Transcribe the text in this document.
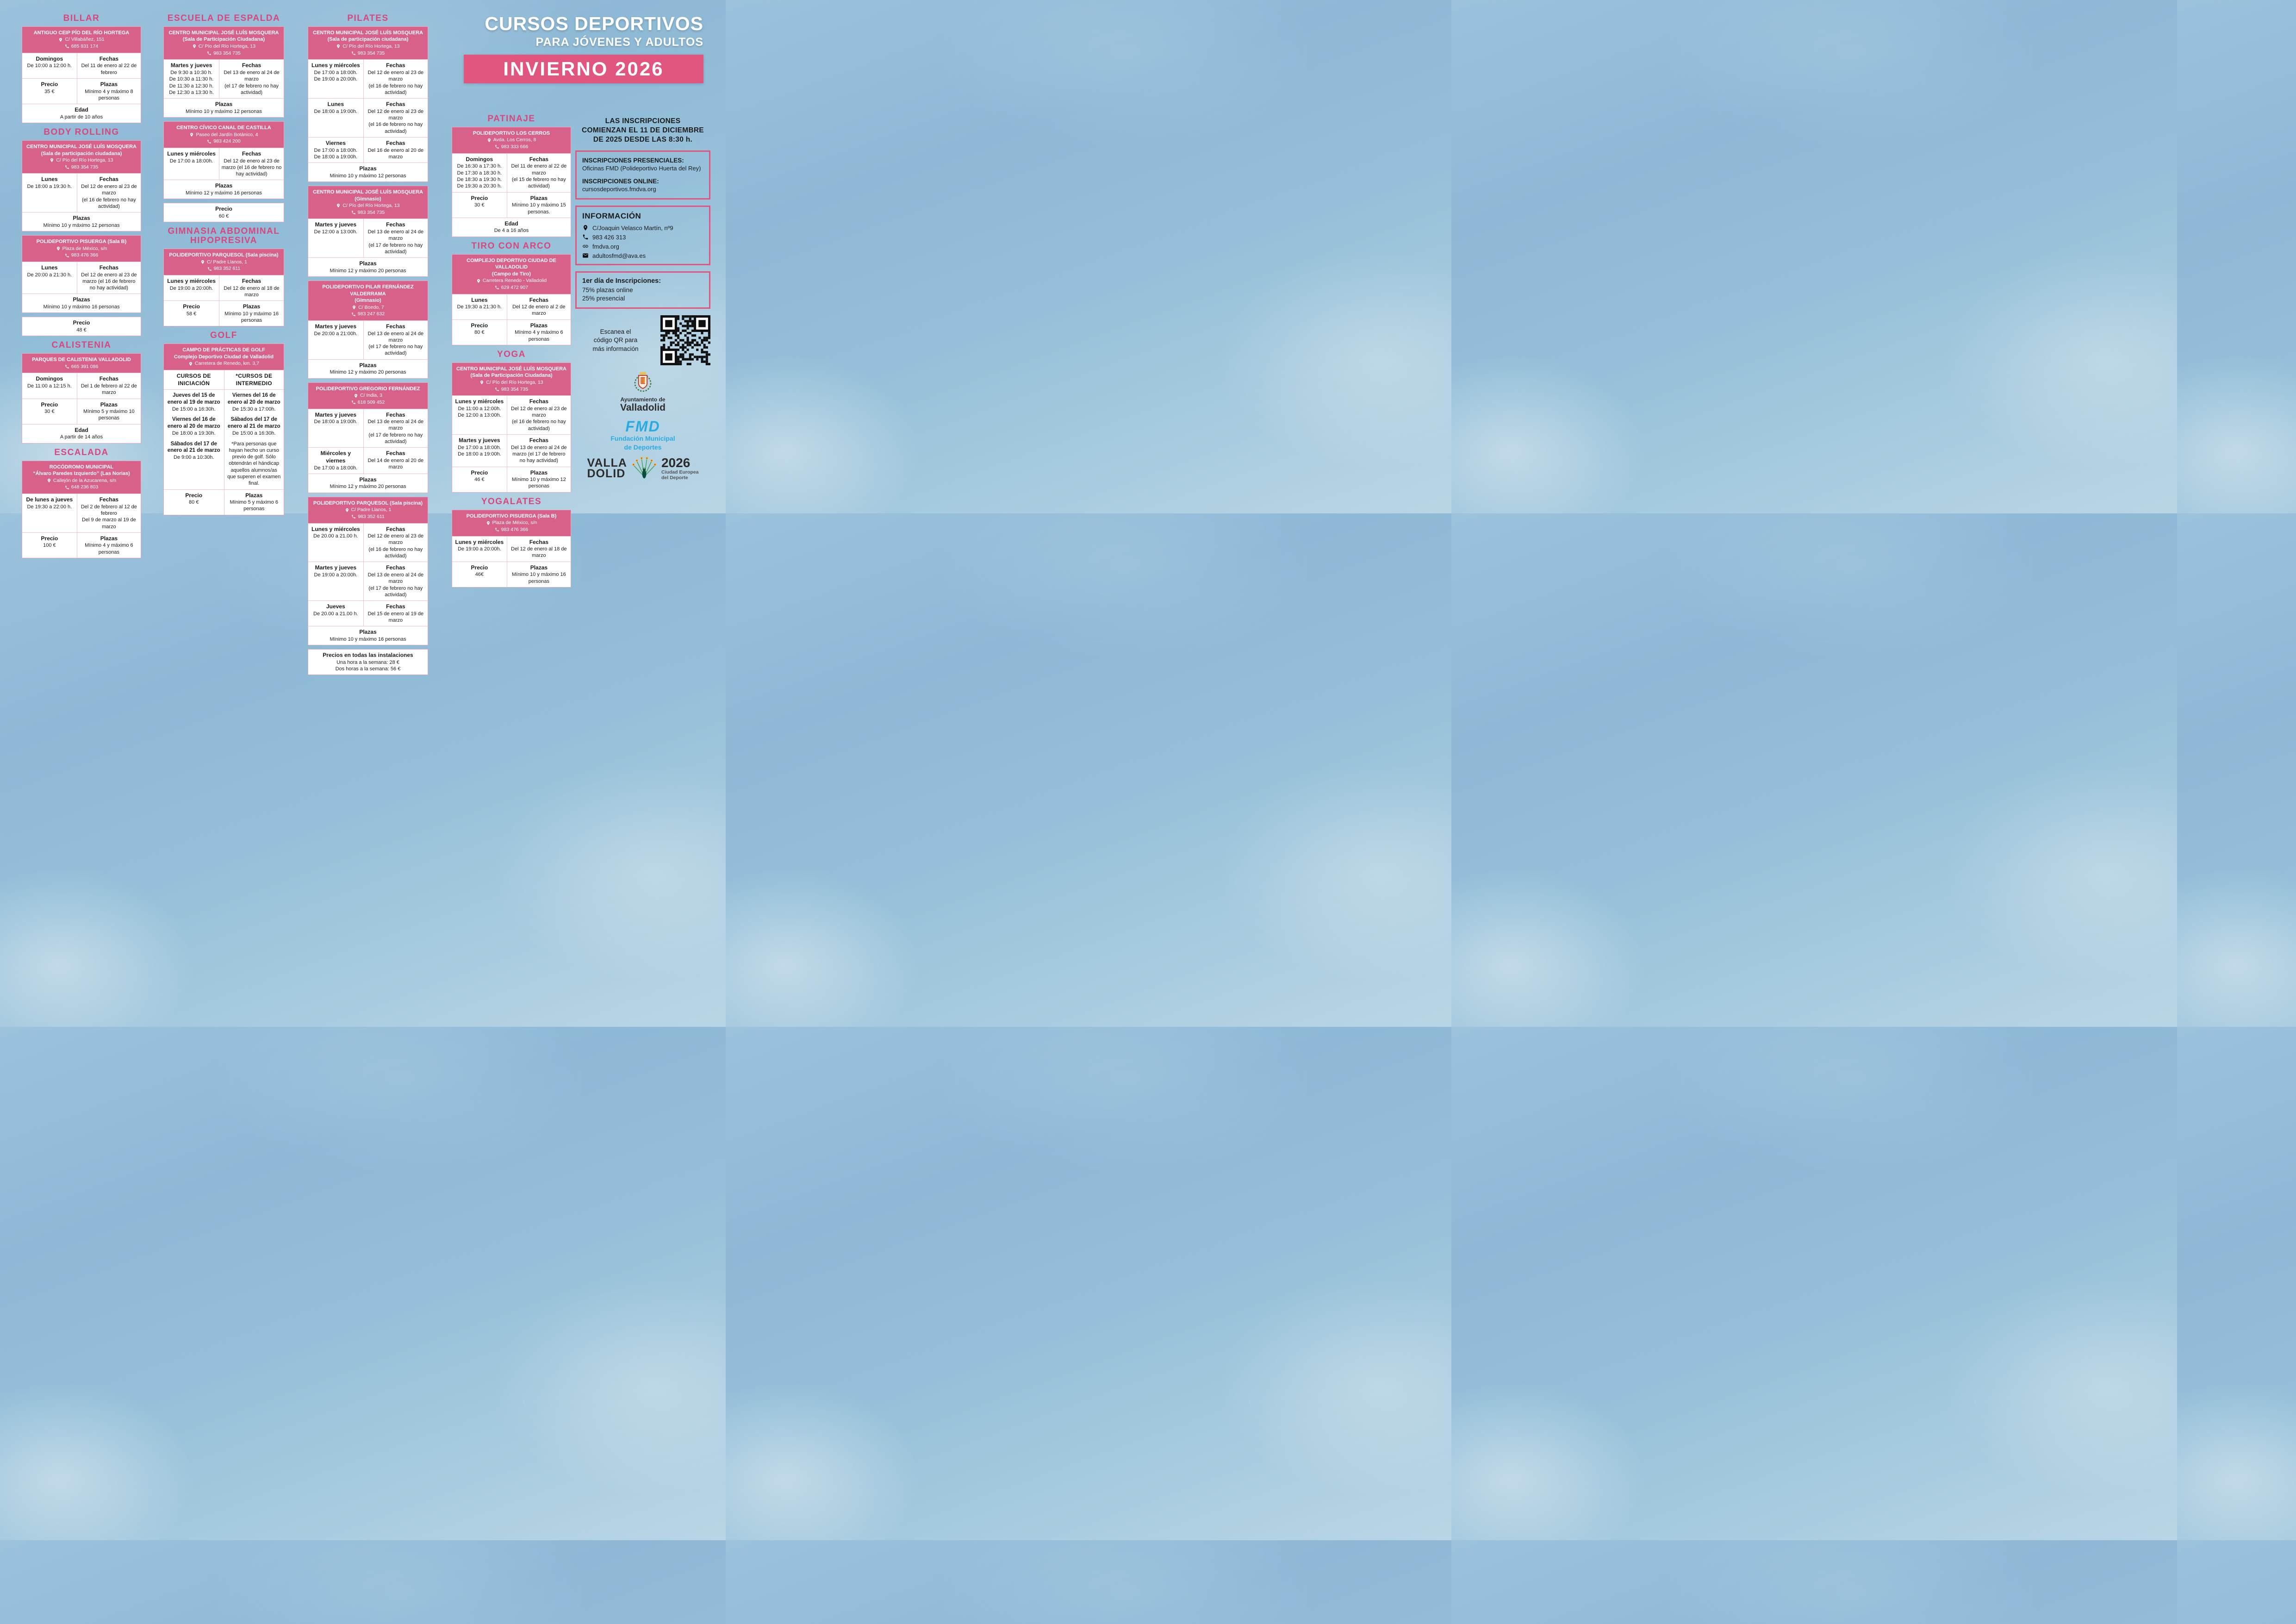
BILLAR
ANTIGUO CEIP PÍO DEL RÍO HORTEGA
C/ Villabáñez, 151
685 831 174
Domingos
De 10:00 a 12:00 h.
Fechas
Del 11 de enero al 22 de febrero
Precio
35 €
Plazas
Mínimo 4 y máximo 8 personas
Edad
A partir de 10 años
BODY ROLLING
CENTRO MUNICIPAL JOSÉ LUÍS MOSQUERA
(Sala de participación ciudadana)
C/ Pío del Río Hortega, 13
983 354 735
Lunes
De 18:00 a 19:30 h.
Fechas
Del 12 de enero al 23 de marzo
(el 16 de febrero no hay actividad)
Plazas
Mínimo 10 y máximo 12 personas
POLIDEPORTIVO PISUERGA (Sala B)
Plaza de México, s/n
983 476 366
Lunes
De 20:00 a 21:30 h.
Fechas
Del 12 de enero al 23 de marzo (el 16 de febrero no hay actividad)
Plazas
Mínimo 10 y máximo 16 personas
Precio
48 €
CALISTENIA
PARQUES DE CALISTENIA VALLADOLID
665 391 086
Domingos
De 11:00 a 12:15 h.
Fechas
Del 1 de febrero al 22 de marzo
Precio
30 €
Plazas
Mínimo 5 y máximo 10 personas
Edad
A partir de 14 años
ESCALADA
ROCÓDROMO MUNICIPAL
“Álvaro Paredes Izquierdo” (Las Norias)
Callejón de la Azucarena, s/n
648 236 803
De lunes a jueves
De 19:30 a 22:00 h.
Fechas
Del 2 de febrero al 12 de febrero
Del 9 de marzo al 19 de marzo
Precio
100 €
Plazas
Mínimo 4 y máximo 6 personas
ESCUELA DE ESPALDA
CENTRO MUNICIPAL JOSÉ LUÍS MOSQUERA
(Sala de Participación Ciudadana)
C/ Pío del Río Hortega, 13
983 354 735
Martes y jueves
De 9:30 a 10:30 h.
De 10:30 a 11:30 h.
De 11:30 a 12:30 h.
De 12:30 a 13:30 h.
Fechas
Del 13 de enero al 24 de marzo
(el 17 de febrero no hay actividad)
Plazas
Mínimo 10 y máximo 12 personas
CENTRO CÍVICO CANAL DE CASTILLA
Paseo del Jardín Botánico, 4
983 424 200
Lunes y miércoles
De 17:00 a 18:00h.
Fechas
Del 12 de enero al 23 de marzo (el 16 de febrero no hay actividad)
Plazas
Mínimo 12 y máximo 16 personas
Precio
60 €
GIMNASIA ABDOMINAL HIPOPRESIVA
POLIDEPORTIVO PARQUESOL (Sala piscina)
C/ Padre Llanos, 1
983 352 611
Lunes y miércoles
De 19:00 a 20:00h.
Fechas
Del 12 de enero al 18 de marzo
Precio
58 €
Plazas
Mínimo 10 y máximo 16 personas
GOLF
CAMPO DE PRÁCTICAS DE GOLF
Complejo Deportivo Ciudad de Valladolid
Carretera de Renedo, km. 3,7
CURSOS DE INICIACIÓN
*CURSOS DE INTERMEDIO
Jueves del 15 de enero al 19 de marzo
De 15:00 a 16:30h.
Viernes del 16 de enero al 20 de marzo
De 18:00 a 19:30h.
Sábados del 17 de enero al 21 de marzo
De 9:00 a 10:30h.
Viernes del 16 de enero al 20 de marzo
De 15:30 a 17:00h.
Sábados del 17 de enero al 21 de marzo
De 15:00 a 16:30h.
*Para personas que hayan hecho un curso previo de golf. Sólo obtendrán el hándicap aquellos alumnos/as que superen el examen final.
Precio
80 €
Plazas
Mínimo 5 y máximo 6 personas
PILATES
CENTRO MUNICIPAL JOSÉ LUÍS MOSQUERA
(Sala de participación ciudadana)
C/ Pío del Río Hortega, 13
983 354 735
Lunes y miércoles
De 17:00 a 18:00h.
De 19:00 a 20:00h.
Fechas
Del 12 de enero al 23 de marzo
(el 16 de febrero no hay actividad)
Lunes
De 18:00 a 19:00h.
Fechas
Del 12 de enero al 23 de marzo
(el 16 de febrero no hay actividad)
Viernes
De 17:00 a 18:00h.
De 18:00 a 19:00h.
Fechas
Del 16 de enero al 20 de marzo
Plazas
Mínimo 10 y máximo 12 personas
CENTRO MUNICIPAL JOSÉ LUÍS MOSQUERA (Gimnasio)
C/ Pío del Río Hortega, 13
983 354 735
Martes y jueves
De 12:00 a 13:00h.
Fechas
Del 13 de enero al 24 de marzo
(el 17 de febrero no hay actividad)
Plazas
Mínimo 12 y máximo 20 personas
POLIDEPORTIVO PILAR FERNÁNDEZ VALDERRAMA
(Gimnasio)
C/ Boedo, 7
983 247 632
Martes y jueves
De 20:00 a 21:00h.
Fechas
Del 13 de enero al 24 de marzo
(el 17 de febrero no hay actividad)
Plazas
Mínimo 12 y máximo 20 personas
POLIDEPORTIVO GREGORIO FERNÁNDEZ
C/ India, 3
618 509 452
Martes y jueves
De 18:00 a 19:00h.
Fechas
Del 13 de enero al 24 de marzo
(el 17 de febrero no hay actividad)
Miércoles y viernes
De 17:00 a 18:00h.
Fechas
Del 14 de enero al 20 de marzo
Plazas
Mínimo 12 y máximo 20 personas
POLIDEPORTIVO PARQUESOL (Sala piscina)
C/ Padre Llanos, 1
983 352 611
Lunes y miércoles
De 20.00 a 21.00 h.
Fechas
Del 12 de enero al 23 de marzo
(el 16 de febrero no hay actividad)
Martes y jueves
De 19:00 a 20:00h.
Fechas
Del 13 de enero al 24 de marzo
(el 17 de febrero no hay actividad)
Jueves
De 20.00 a 21.00 h.
Fechas
Del 15 de enero al 19 de marzo
Plazas
Mínimo 10 y máximo 16 personas
Precios en todas las instalaciones
Una hora a la semana: 28 €
Dos horas a la semana: 56 €
PATINAJE
POLIDEPORTIVO LOS CERROS
Avda. Los Cerros, 8
983 333 666
Domingos
De 16:30 a 17:30 h.
De 17:30 a 18:30 h.
De 18:30 a 19:30 h.
De 19:30 a 20:30 h.
Fechas
Del 11 de enero al 22 de marzo
(el 15 de febrero no hay actividad)
Precio
30 €
Plazas
Mínimo 10 y máximo 15 personas.
Edad
De 4 a 16 años
TIRO CON ARCO
COMPLEJO DEPORTIVO CIUDAD DE VALLADOLID
(Campo de Tiro)
Carretera Renedo - Valladolid
629 472 907
Lunes
De 19:30 a 21:30 h.
Fechas
Del 12 de enero al 2 de marzo
Precio
80 €
Plazas
Mínimo 4 y máximo 6 personas
YOGA
CENTRO MUNICIPAL JOSÉ LUÍS MOSQUERA
(Sala de Participación Ciudadana)
C/ Pío del Río Hortega, 13
983 354 735
Lunes y miércoles
De 11:00 a 12:00h.
De 12:00 a 13:00h.
Fechas
Del 12 de enero al 23 de marzo
(el 16 de febrero no hay actividad)
Martes y jueves
De 17:00 a 18:00h.
De 18:00 a 19:00h.
Fechas
Del 13 de enero al 24 de marzo (el 17 de febrero no hay actividad)
Precio
46 €
Plazas
Mínimo 10 y máximo 12 personas
YOGALATES
POLIDEPORTIVO PISUERGA (Sala B)
Plaza de México, s/n
983 476 366
Lunes y miércoles
De 19:00 a 20:00h.
Fechas
Del 12 de enero al 18 de marzo
Precio
46€
Plazas
Mínimo 10 y máximo 16 personas
CURSOS DEPORTIVOS
PARA JÓVENES Y ADULTOS
INVIERNO 2026
LAS INSCRIPCIONES
COMIENZAN EL 11 DE DICIEMBRE
DE 2025 DESDE LAS 8:30 h.

INSCRIPCIONES PRESENCIALES: Oficinas FMD (Polideportivo Huerta del Rey)

INSCRIPCIONES ONLINE:
cursosdeportivos.fmdva.org

INFORMACIÓN
C/Joaquin Velasco Martín, nº9
983 426 313
fmdva.org
adultosfmd@ava.es
1er día de Inscripciones:
75% plazas online
25% presencial
Escanea el
código QR para
más información
Ayuntamiento de
Valladolid
FMD
Fundación Municipal
de Deportes
VALLA
DOLID
2026
Ciudad Europea
del Deporte
